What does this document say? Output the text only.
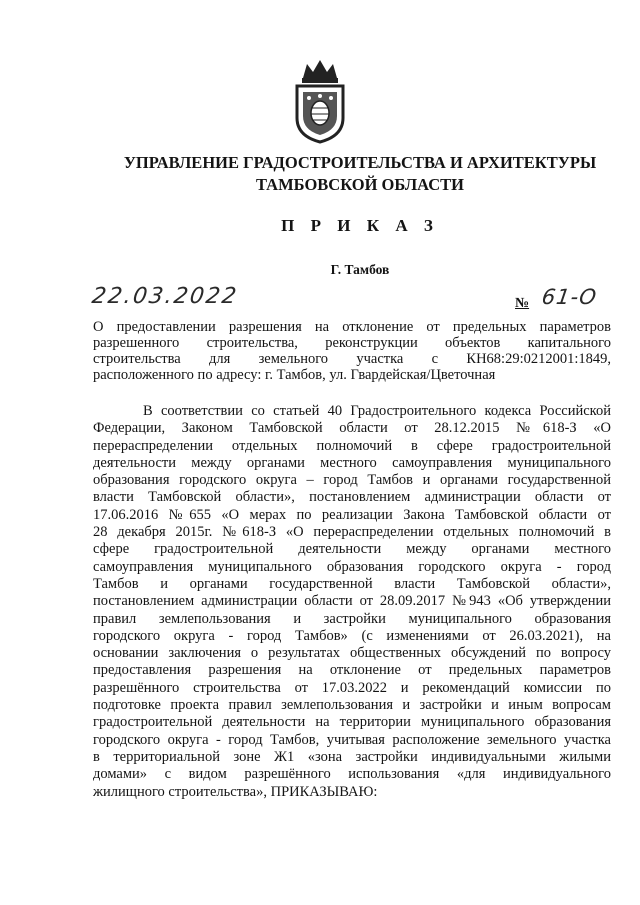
УПРАВЛЕНИЕ ГРАДОСТРОИТЕЛЬСТВА И АРХИТЕКТУРЫ
ТАМБОВСКОЙ ОБЛАСТИ
П Р И К А З
Г. Тамбов
22.03.2022	№ 61-О
О предоставлении разрешения на отклонение от предельных параметров
разрешенного строительства, реконструкции объектов капитального
строительства для земельного участка с КН68:29:0212001:1849,
расположенного по адресу: г. Тамбов, ул. Гвардейская/Цветочная
В соответствии со статьей 40 Градостроительного кодекса Российской
Федерации, Законом Тамбовской области от 28.12.2015 №618-З «О
перераспределении отдельных полномочий в сфере градостроительной
деятельности между органами местного самоуправления муниципального
образования городского округа – город Тамбов и органами государственной
власти Тамбовской области», постановлением администрации области от
17.06.2016 №655 «О мерах по реализации Закона Тамбовской области от
28 декабря 2015г. №618-З «О перераспределении отдельных полномочий в
сфере градостроительной деятельности между органами местного
самоуправления муниципального образования городского округа - город
Тамбов и органами государственной власти Тамбовской области»,
постановлением администрации области от 28.09.2017 №943 «Об утверждении
правил землепользования и застройки муниципального образования
городского округа - город Тамбов» (с изменениями от 26.03.2021), на
основании заключения о результатах общественных обсуждений по вопросу
предоставления разрешения на отклонение от предельных параметров
разрешённого строительства от 17.03.2022 и рекомендаций комиссии по
подготовке проекта правил землепользования и застройки и иным вопросам
градостроительной деятельности на территории муниципального образования
городского округа - город Тамбов, учитывая расположение земельного участка
в территориальной зоне Ж1 «зона застройки индивидуальными жилыми
домами» с видом разрешённого использования «для индивидуального
жилищного строительства», ПРИКАЗЫВАЮ:
